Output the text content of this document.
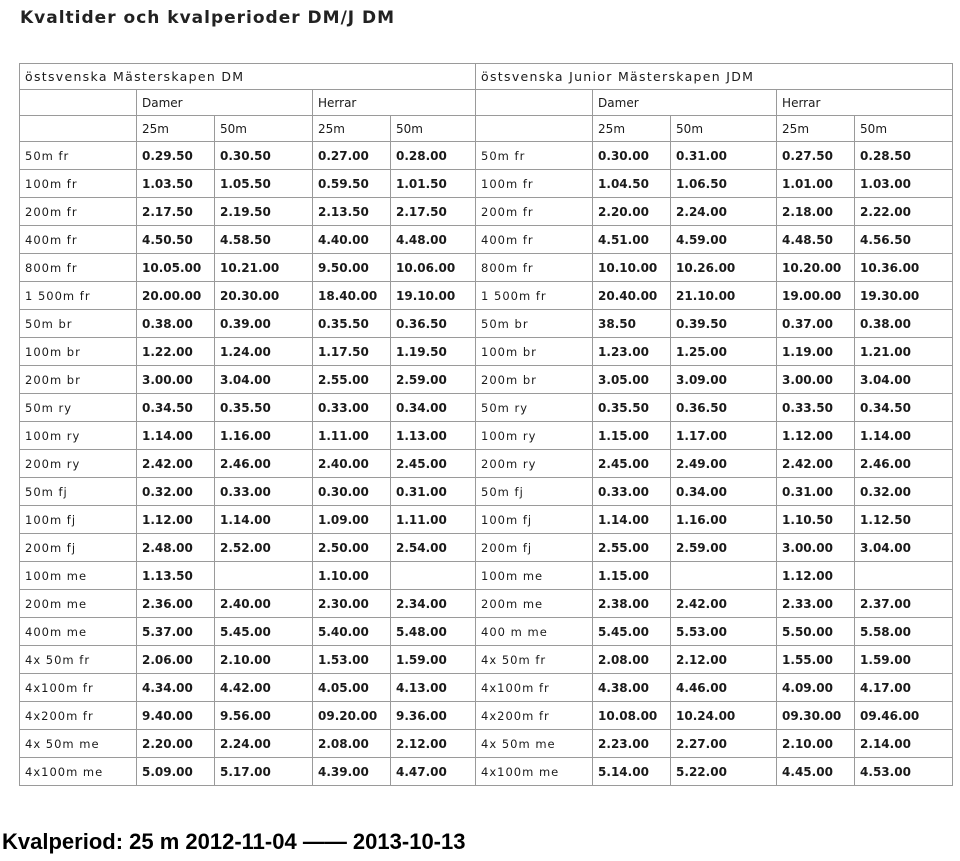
Kvaltider och kvalperioder DM/J DM
östsvenska Mästerskapen DM					östsvenska Junior Mästerskapen JDM				
	Damer		Herrar			Damer		Herrar	
	25m	50m	25m	50m		25m	50m	25m	50m
50m fr	0.29.50	0.30.50	0.27.00	0.28.00	50m fr	0.30.00	0.31.00	0.27.50	0.28.50
100m fr	1.03.50	1.05.50	0.59.50	1.01.50	100m fr	1.04.50	1.06.50	1.01.00	1.03.00
200m fr	2.17.50	2.19.50	2.13.50	2.17.50	200m fr	2.20.00	2.24.00	2.18.00	2.22.00
400m fr	4.50.50	4.58.50	4.40.00	4.48.00	400m fr	4.51.00	4.59.00	4.48.50	4.56.50
800m fr	10.05.00	10.21.00	9.50.00	10.06.00	800m fr	10.10.00	10.26.00	10.20.00	10.36.00
1 500m fr	20.00.00	20.30.00	18.40.00	19.10.00	1 500m fr	20.40.00	21.10.00	19.00.00	19.30.00
50m br	0.38.00	0.39.00	0.35.50	0.36.50	50m br	38.50	0.39.50	0.37.00	0.38.00
100m br	1.22.00	1.24.00	1.17.50	1.19.50	100m br	1.23.00	1.25.00	1.19.00	1.21.00
200m br	3.00.00	3.04.00	2.55.00	2.59.00	200m br	3.05.00	3.09.00	3.00.00	3.04.00
50m ry	0.34.50	0.35.50	0.33.00	0.34.00	50m ry	0.35.50	0.36.50	0.33.50	0.34.50
100m ry	1.14.00	1.16.00	1.11.00	1.13.00	100m ry	1.15.00	1.17.00	1.12.00	1.14.00
200m ry	2.42.00	2.46.00	2.40.00	2.45.00	200m ry	2.45.00	2.49.00	2.42.00	2.46.00
50m fj	0.32.00	0.33.00	0.30.00	0.31.00	50m fj	0.33.00	0.34.00	0.31.00	0.32.00
100m fj	1.12.00	1.14.00	1.09.00	1.11.00	100m fj	1.14.00	1.16.00	1.10.50	1.12.50
200m fj	2.48.00	2.52.00	2.50.00	2.54.00	200m fj	2.55.00	2.59.00	3.00.00	3.04.00
100m me	1.13.50		1.10.00		100m me	1.15.00		1.12.00	
200m me	2.36.00	2.40.00	2.30.00	2.34.00	200m me	2.38.00	2.42.00	2.33.00	2.37.00
400m me	5.37.00	5.45.00	5.40.00	5.48.00	400 m me	5.45.00	5.53.00	5.50.00	5.58.00
4x 50m fr	2.06.00	2.10.00	1.53.00	1.59.00	4x 50m fr	2.08.00	2.12.00	1.55.00	1.59.00
4x100m fr	4.34.00	4.42.00	4.05.00	4.13.00	4x100m fr	4.38.00	4.46.00	4.09.00	4.17.00
4x200m fr	9.40.00	9.56.00	09.20.00	9.36.00	4x200m fr	10.08.00	10.24.00	09.30.00	09.46.00
4x 50m me	2.20.00	2.24.00	2.08.00	2.12.00	4x 50m me	2.23.00	2.27.00	2.10.00	2.14.00
4x100m me	5.09.00	5.17.00	4.39.00	4.47.00	4x100m me	5.14.00	5.22.00	4.45.00	4.53.00
Kvalperiod: 25 m 2012-11-04 —— 2013-10-13
